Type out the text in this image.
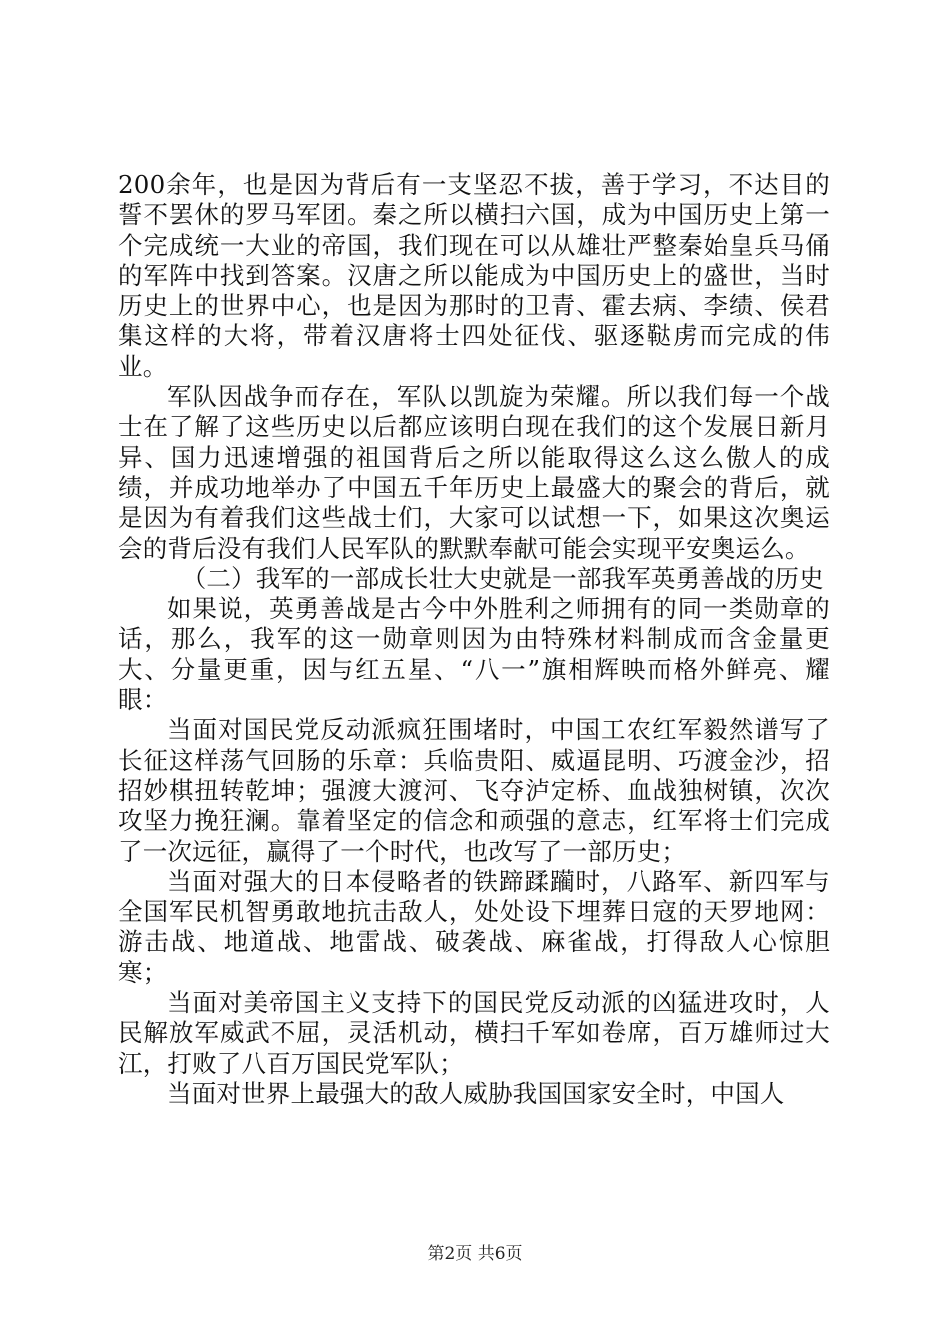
200余年，也是因为背后有一支坚忍不拔，善于学习，不达目的誓不罢休的罗马军团。秦之所以横扫六国，成为中国历史上第一个完成统一大业的帝国，我们现在可以从雄壮严整秦始皇兵马俑的军阵中找到答案。汉唐之所以能成为中国历史上的盛世，当时历史上的世界中心，也是因为那时的卫青、霍去病、李绩、侯君集这样的大将，带着汉唐将士四处征伐、驱逐鞑虏而完成的伟业。

军队因战争而存在，军队以凯旋为荣耀。所以我们每一个战士在了解了这些历史以后都应该明白现在我们的这个发展日新月异、国力迅速增强的祖国背后之所以能取得这么这么傲人的成绩，并成功地举办了中国五千年历史上最盛大的聚会的背后，就是因为有着我们这些战士们，大家可以试想一下，如果这次奥运会的背后没有我们人民军队的默默奉献可能会实现平安奥运么。

（二）我军的一部成长壮大史就是一部我军英勇善战的历史

如果说，英勇善战是古今中外胜利之师拥有的同一类勋章的话，那么，我军的这一勋章则因为由特殊材料制成而含金量更大、分量更重，因与红五星、“八一”旗相辉映而格外鲜亮、耀眼：

当面对国民党反动派疯狂围堵时，中国工农红军毅然谱写了长征这样荡气回肠的乐章：兵临贵阳、威逼昆明、巧渡金沙，招招妙棋扭转乾坤；强渡大渡河、飞夺泸定桥、血战独树镇，次次攻坚力挽狂澜。靠着坚定的信念和顽强的意志，红军将士们完成了一次远征，赢得了一个时代，也改写了一部历史；

当面对强大的日本侵略者的铁蹄蹂躏时，八路军、新四军与全国军民机智勇敢地抗击敌人，处处设下埋葬日寇的天罗地网：游击战、地道战、地雷战、破袭战、麻雀战，打得敌人心惊胆寒；

当面对美帝国主义支持下的国民党反动派的凶猛进攻时，人民解放军威武不屈，灵活机动，横扫千军如卷席，百万雄师过大江，打败了八百万国民党军队；

当面对世界上最强大的敌人威胁我国国家安全时，中国人

第2页 共6页
